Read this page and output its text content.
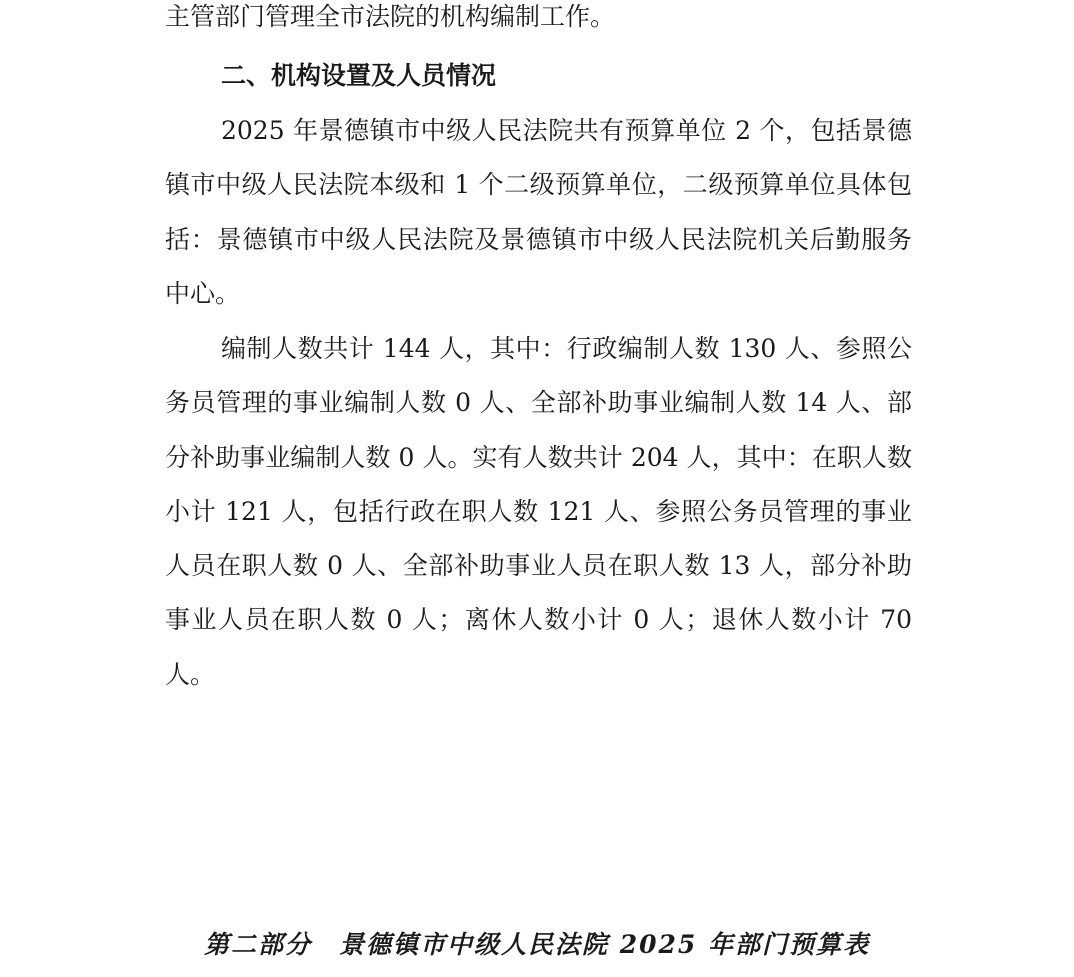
主管部门管理全市法院的机构编制工作。

二、机构设置及人员情况

2025 年景德镇市中级人民法院共有预算单位 2 个，包括景德镇市中级人民法院本级和 1 个二级预算单位，二级预算单位具体包括：景德镇市中级人民法院及景德镇市中级人民法院机关后勤服务中心。

编制人数共计 144 人，其中：行政编制人数 130 人、参照公务员管理的事业编制人数 0 人、全部补助事业编制人数 14 人、部分补助事业编制人数 0 人。实有人数共计 204 人，其中：在职人数小计 121 人，包括行政在职人数 121 人、参照公务员管理的事业人员在职人数 0 人、全部补助事业人员在职人数 13 人，部分补助事业人员在职人数 0 人；离休人数小计 0 人；退休人数小计 70 人。

第二部分　景德镇市中级人民法院 2025 年部门预算表
